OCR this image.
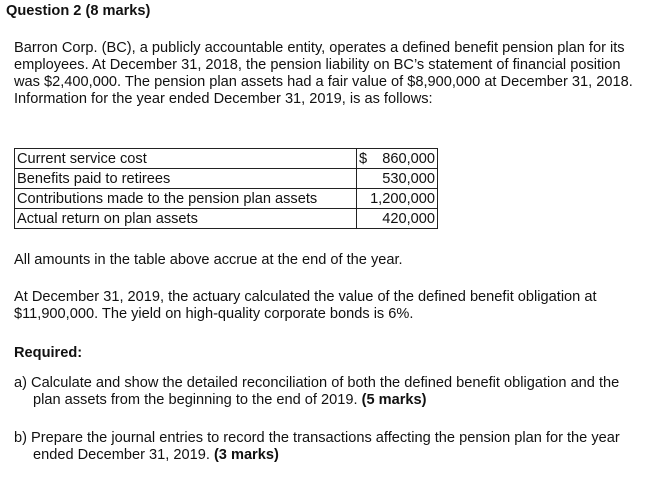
Question 2 (8 marks)
Barron Corp. (BC), a publicly accountable entity, operates a defined benefit pension plan for its employees. At December 31, 2018, the pension liability on BC’s statement of financial position was $2,400,000. The pension plan assets had a fair value of $8,900,000 at December 31, 2018. Information for the year ended December 31, 2019, is as follows:
Current service cost	$ 860,000

Benefits paid to retirees	530,000

Contributions made to the pension plan assets	1,200,000

Actual return on plan assets	420,000
All amounts in the table above accrue at the end of the year.
At December 31, 2019, the actuary calculated the value of the defined benefit obligation at $11,900,000. The yield on high-quality corporate bonds is 6%.
Required:
a) Calculate and show the detailed reconciliation of both the defined benefit obligation and the plan assets from the beginning to the end of 2019. (5 marks)
b) Prepare the journal entries to record the transactions affecting the pension plan for the year ended December 31, 2019. (3 marks)
